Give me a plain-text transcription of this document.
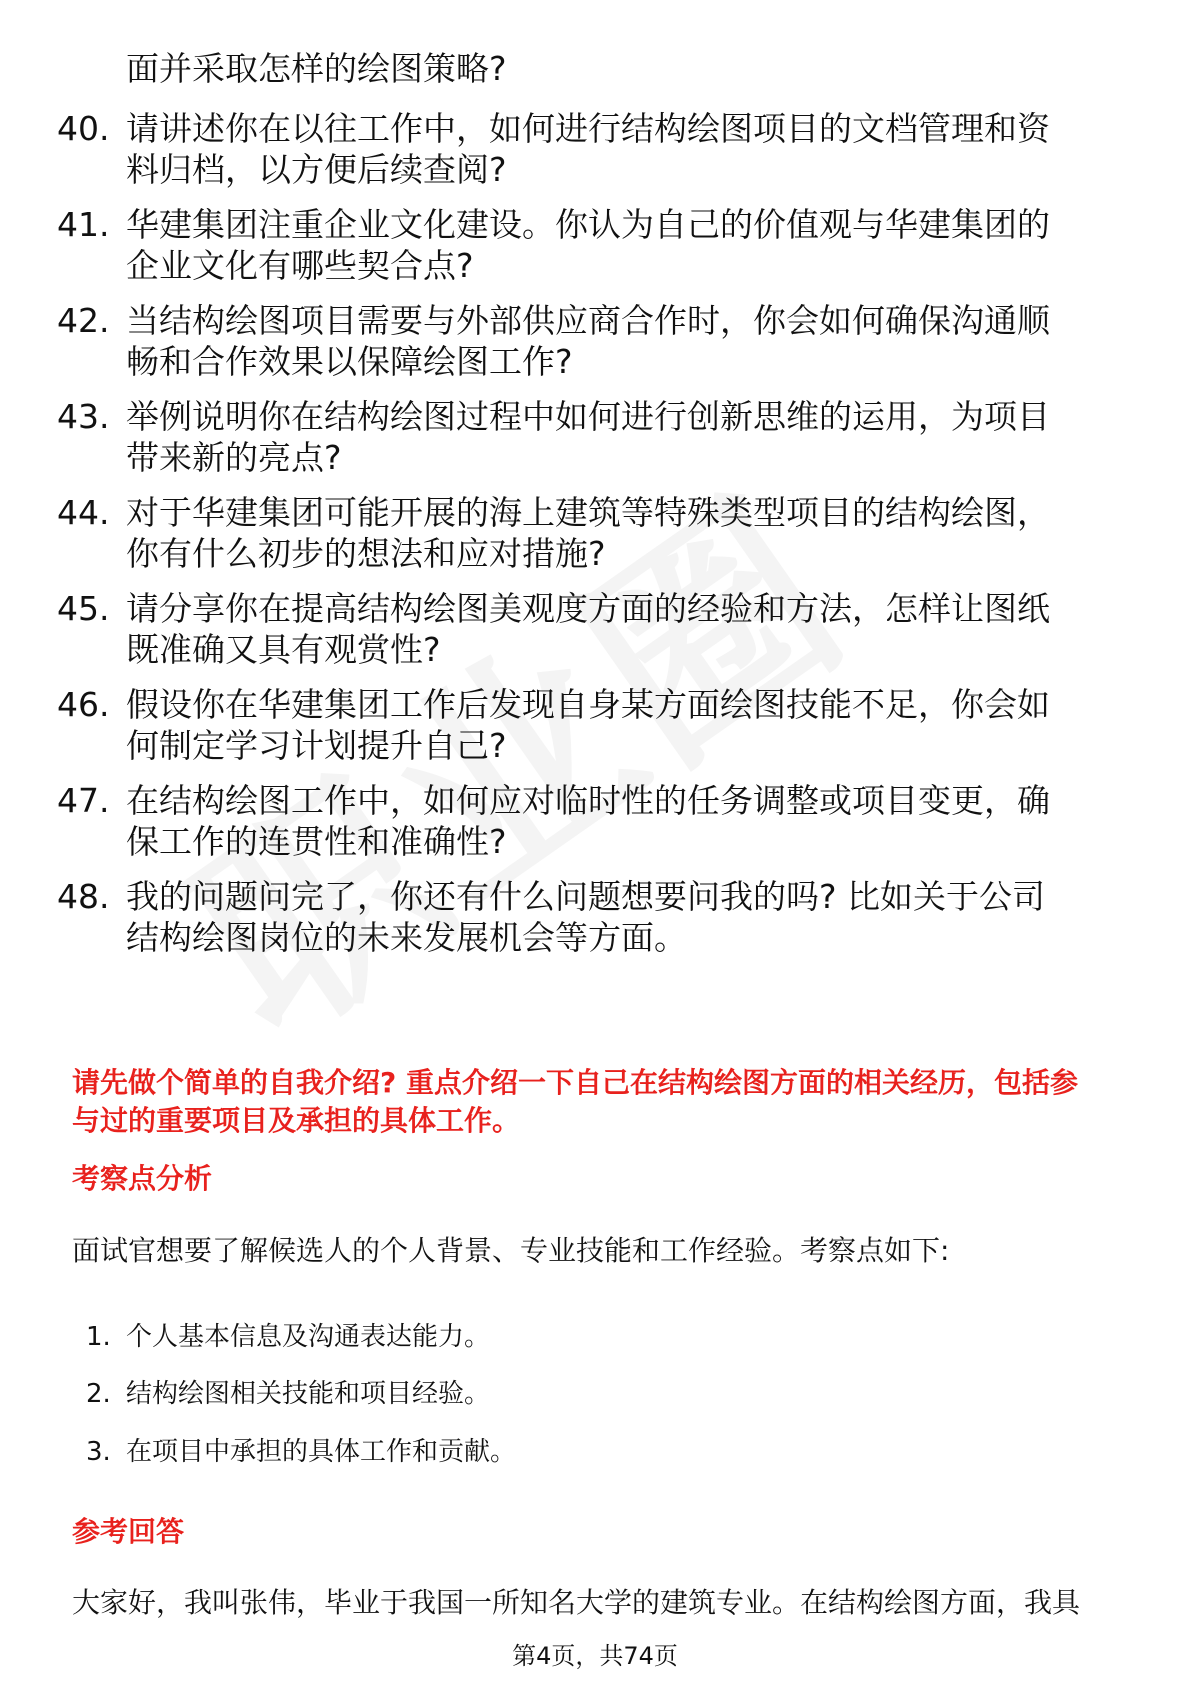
面并采取怎样的绘图策略?
40. 请讲述你在以往工作中，如何进行结构绘图项目的文档管理和资
料归档，以方便后续查阅?
41. 华建集团注重企业文化建设。你认为自己的价值观与华建集团的
企业文化有哪些契合点?
42. 当结构绘图项目需要与外部供应商合作时，你会如何确保沟通顺
畅和合作效果以保障绘图工作?
43. 举例说明你在结构绘图过程中如何进行创新思维的运用，为项目
带来新的亮点?
44. 对于华建集团可能开展的海上建筑等特殊类型项目的结构绘图，
你有什么初步的想法和应对措施?
45. 请分享你在提高结构绘图美观度方面的经验和方法，怎样让图纸
既准确又具有观赏性?
46. 假设你在华建集团工作后发现自身某方面绘图技能不足，你会如
何制定学习计划提升自己?
47. 在结构绘图工作中，如何应对临时性的任务调整或项目变更，确
保工作的连贯性和准确性?
48. 我的问题问完了，你还有什么问题想要问我的吗? 比如关于公司
结构绘图岗位的未来发展机会等方面。
请先做个简单的自我介绍? 重点介绍一下自己在结构绘图方面的相关经历，包括参
与过的重要项目及承担的具体工作。
考察点分析
面试官想要了解候选人的个人背景、专业技能和工作经验。考察点如下:
1. 个人基本信息及沟通表达能力。
2. 结构绘图相关技能和项目经验。
3. 在项目中承担的具体工作和贡献。
参考回答
大家好，我叫张伟，毕业于我国一所知名大学的建筑专业。在结构绘图方面，我具
第4页，共74页
